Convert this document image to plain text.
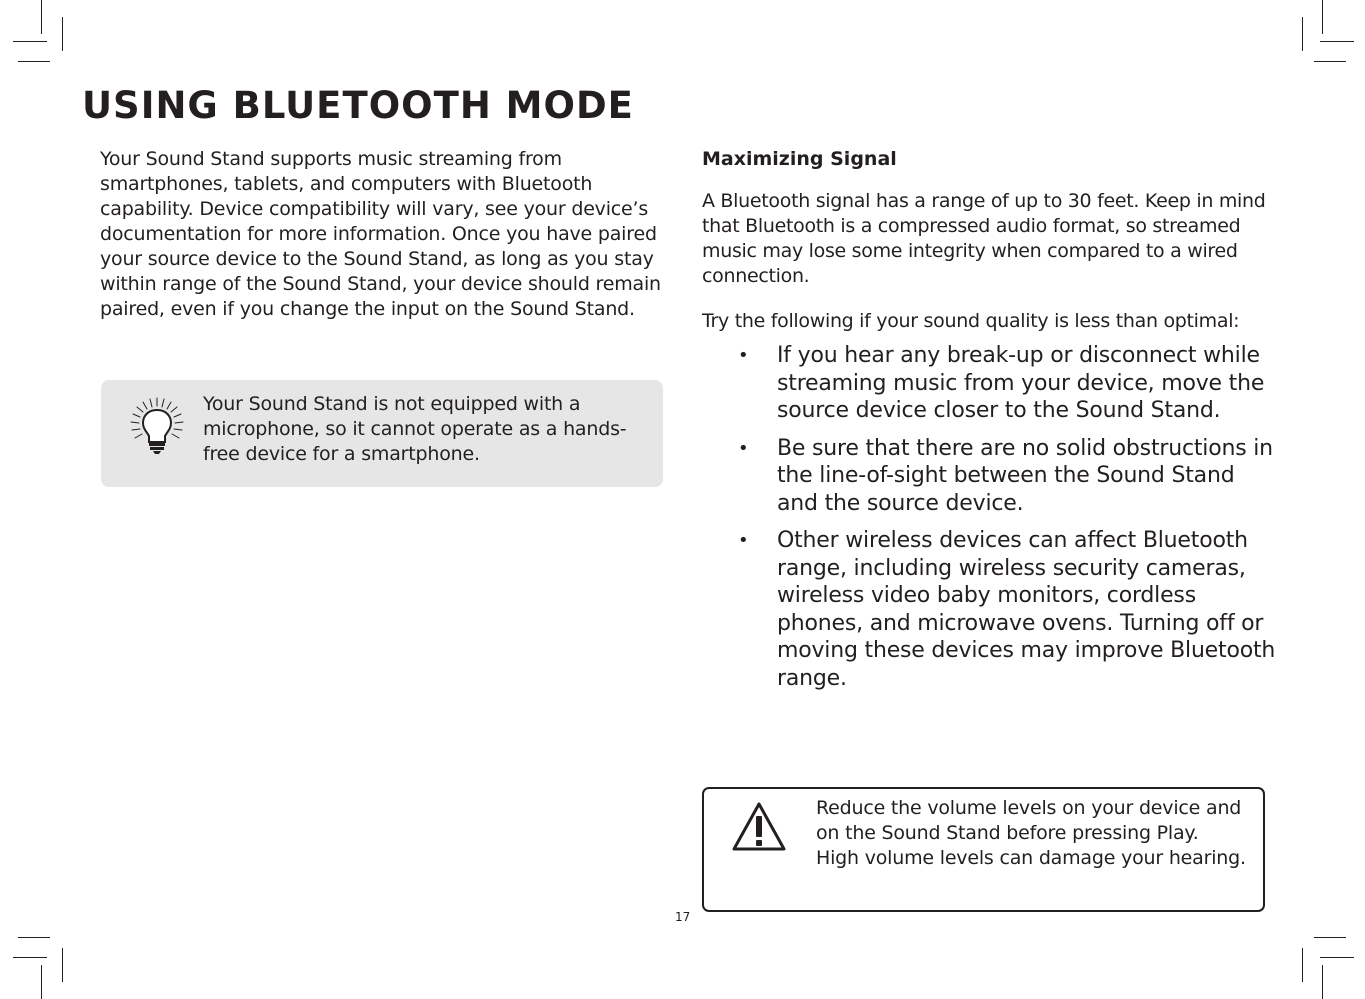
USING BLUETOOTH MODE

Your Sound Stand supports music streaming from smartphones, tablets, and computers with Bluetooth capability. Device compatibility will vary, see your device’s documentation for more information. Once you have paired your source device to the Sound Stand, as long as you stay within range of the Sound Stand, your device should remain paired, even if you change the input on the Sound Stand.

Your Sound Stand is not equipped with a microphone, so it cannot operate as a hands-free device for a smartphone.

Maximizing Signal

A Bluetooth signal has a range of up to 30 feet. Keep in mind that Bluetooth is a compressed audio format, so streamed music may lose some integrity when compared to a wired connection.

Try the following if your sound quality is less than optimal:

• If you hear any break-up or disconnect while streaming music from your device, move the source device closer to the Sound Stand.
• Be sure that there are no solid obstructions in the line-of-sight between the Sound Stand and the source device.
• Other wireless devices can affect Bluetooth range, including wireless security cameras, wireless video baby monitors, cordless phones, and microwave ovens. Turning off or moving these devices may improve Bluetooth range.

Reduce the volume levels on your device and on the Sound Stand before pressing Play. High volume levels can damage your hearing.

17
